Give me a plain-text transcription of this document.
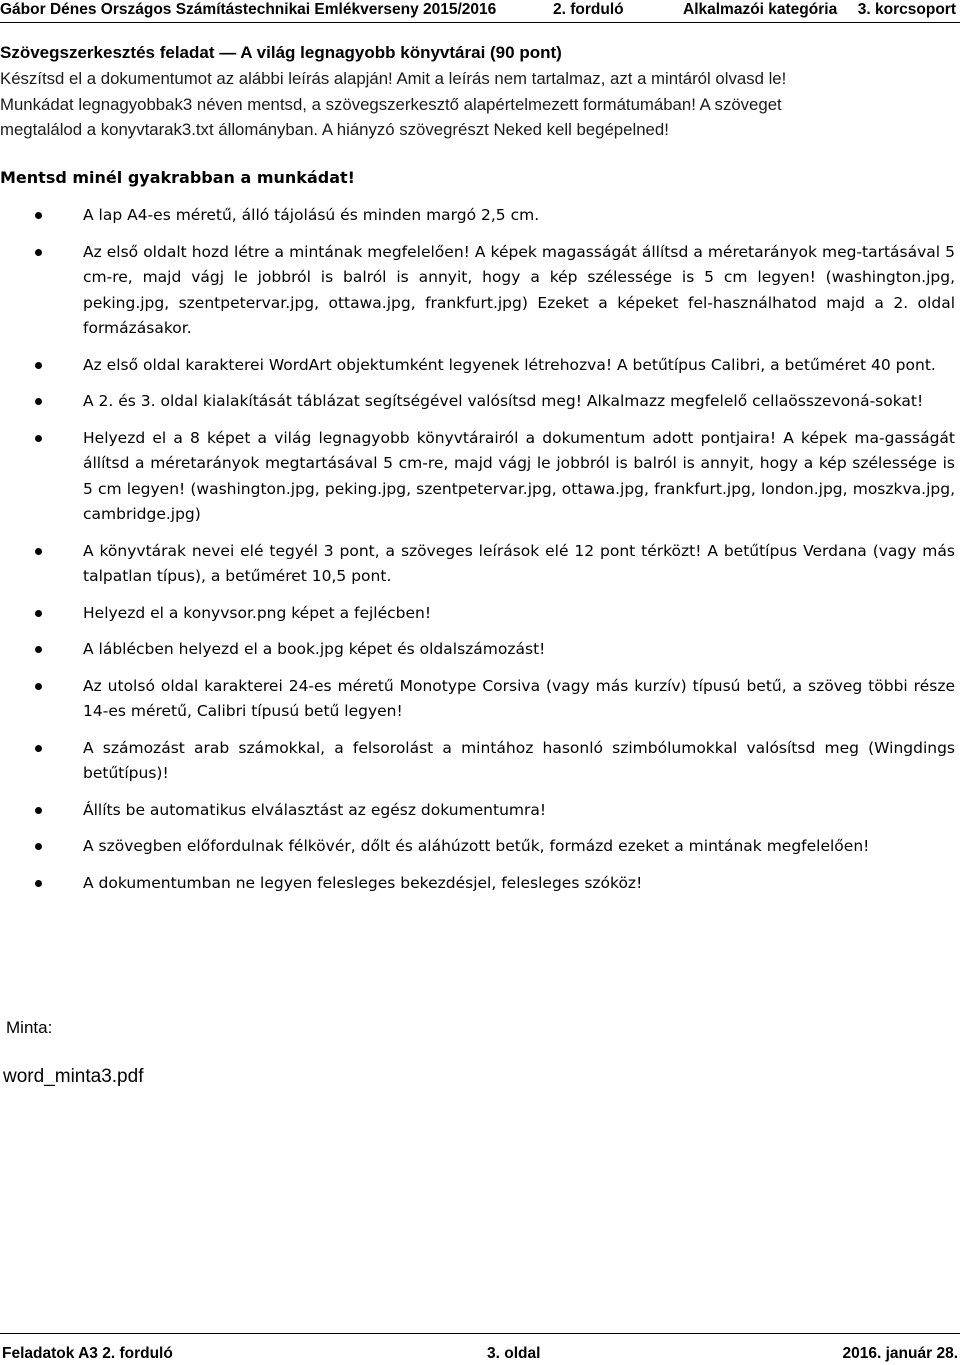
Gábor Dénes Országos Számítástechnikai Emlékverseny 2015/2016	2. forduló	Alkalmazói kategória 3. korcsoport
Szövegszerkesztés feladat — A világ legnagyobb könyvtárai (90 pont)
Készítsd el a dokumentumot az alábbi leírás alapján! Amit a leírás nem tartalmaz, azt a mintáról olvasd le!
Munkádat legnagyobbak3 néven mentsd, a szövegszerkesztő alapértelmezett formátumában! A szöveget
megtalálod a konyvtarak3.txt állományban. A hiányzó szövegrészt Neked kell begépelned!
Mentsd minél gyakrabban a munkádat!
A lap A4-es méretű, álló tájolású és minden margó 2,5 cm.
Az első oldalt hozd létre a mintának megfelelően! A képek magasságát állítsd a méretarányok meg-tartásával 5 cm-re, majd vágj le jobbról is balról is annyit, hogy a kép szélessége is 5 cm legyen! (washington.jpg, peking.jpg, szentpetervar.jpg, ottawa.jpg, frankfurt.jpg) Ezeket a képeket fel-használhatod majd a 2. oldal formázásakor.
Az első oldal karakterei WordArt objektumként legyenek létrehozva! A betűtípus Calibri, a betűméret 40 pont.
A 2. és 3. oldal kialakítását táblázat segítségével valósítsd meg! Alkalmazz megfelelő cellaösszevoná-sokat!
Helyezd el a 8 képet a világ legnagyobb könyvtárairól a dokumentum adott pontjaira! A képek ma-gasságát állítsd a méretarányok megtartásával 5 cm-re, majd vágj le jobbról is balról is annyit, hogy a kép szélessége is 5 cm legyen! (washington.jpg, peking.jpg, szentpetervar.jpg, ottawa.jpg, frankfurt.jpg, london.jpg, moszkva.jpg, cambridge.jpg)
A könyvtárak nevei elé tegyél 3 pont, a szöveges leírások elé 12 pont térközt! A betűtípus Verdana (vagy más talpatlan típus), a betűméret 10,5 pont.
Helyezd el a konyvsor.png képet a fejlécben!
A láblécben helyezd el a book.jpg képet és oldalszámozást!
Az utolsó oldal karakterei 24-es méretű Monotype Corsiva (vagy más kurzív) típusú betű, a szöveg többi része 14-es méretű, Calibri típusú betű legyen!
A számozást arab számokkal, a felsorolást a mintához hasonló szimbólumokkal valósítsd meg (Wingdings betűtípus)!
Állíts be automatikus elválasztást az egész dokumentumra!
A szövegben előfordulnak félkövér, dőlt és aláhúzott betűk, formázd ezeket a mintának megfelelően!
A dokumentumban ne legyen felesleges bekezdésjel, felesleges szóköz!
Minta:
word_minta3.pdf
Feladatok A3 2. forduló	3. oldal	2016. január 28.
